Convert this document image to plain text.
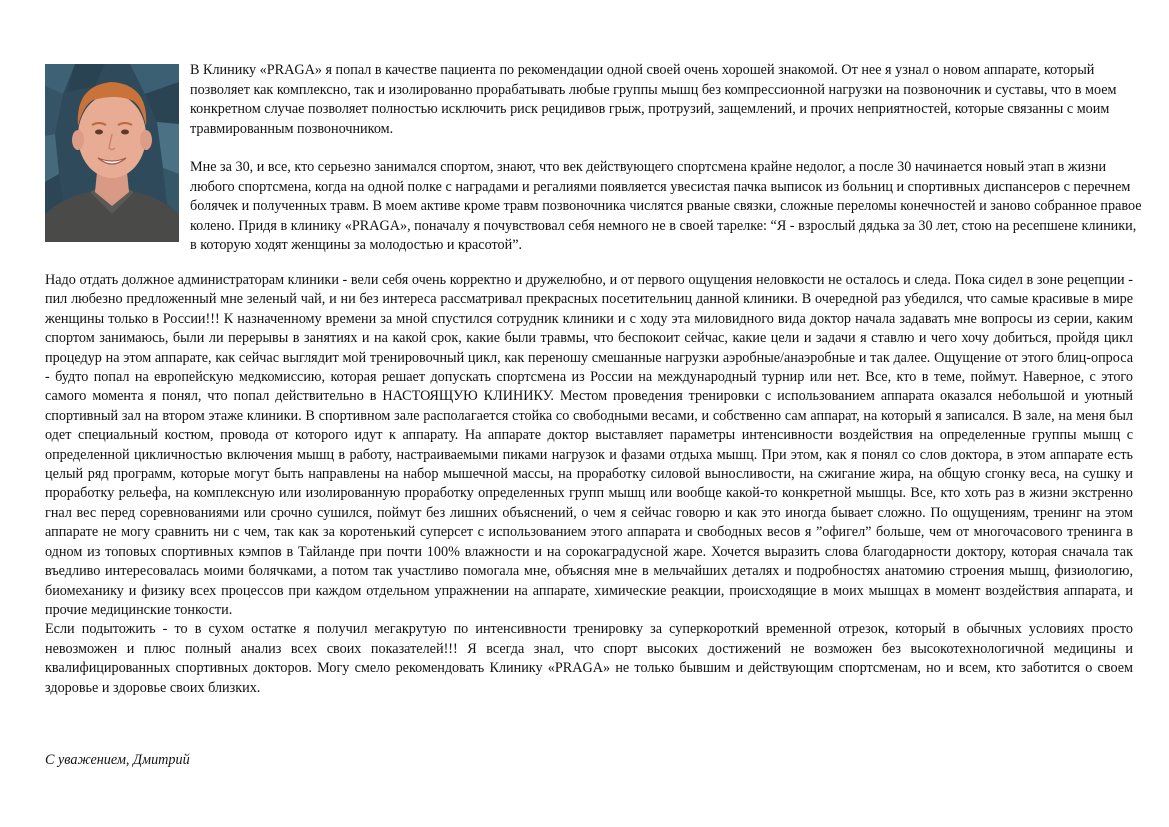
В Клинику «PRAGA» я попал в качестве пациента по рекомендации одной своей очень хорошей знакомой. От нее я узнал о новом аппарате, который позволяет как комплексно, так и изолированно прорабатывать любые группы мышц без компрессионной нагрузки на позвоночник и суставы, что в моем конкретном случае позволяет полностью исключить риск рецидивов грыж, протрузий, защемлений, и прочих неприятностей, которые связанны с моим травмированным позвоночником.

Мне за 30, и все, кто серьезно занимался спортом, знают, что век действующего спортсмена крайне недолог, а после 30 начинается новый этап в жизни любого спортсмена, когда на одной полке с наградами и регалиями появляется увесистая пачка выписок из больниц и спортивных диспансеров с перечнем болячек и полученных травм. В моем активе кроме травм позвоночника числятся рваные связки, сложные переломы конечностей и заново собранное правое колено. Придя в клинику «PRAGA», поначалу я почувствовал себя немного не в своей тарелке: “Я - взрослый дядька за 30 лет, стою на ресепшене клиники, в которую ходят женщины за молодостью и красотой”.

Надо отдать должное администраторам клиники - вели себя очень корректно и дружелюбно, и от первого ощущения неловкости не осталось и следа. Пока сидел в зоне рецепции - пил любезно предложенный мне зеленый чай, и ни без интереса рассматривал прекрасных посетительниц данной клиники. В очередной раз убедился, что самые красивые в мире женщины только в России!!! К назначенному времени за мной спустился сотрудник клиники и с ходу эта миловидного вида доктор начала задавать мне вопросы из серии, каким спортом занимаюсь, были ли перерывы в занятиях и на какой срок, какие были травмы, что беспокоит сейчас, какие цели и задачи я ставлю и чего хочу добиться, пройдя цикл процедур на этом аппарате, как сейчас выглядит мой тренировочный цикл, как переношу смешанные нагрузки аэробные/анаэробные и так далее. Ощущение от этого блиц-опроса - будто попал на европейскую медкомиссию, которая решает допускать спортсмена из России на международный турнир или нет. Все, кто в теме, поймут. Наверное, с этого самого момента я понял, что попал действительно в НАСТОЯЩУЮ КЛИНИКУ. Местом проведения тренировки с использованием аппарата оказался небольшой и уютный спортивный зал на втором этаже клиники. В спортивном зале располагается стойка со свободными весами, и собственно сам аппарат, на который я записался. В зале, на меня был одет специальный костюм, провода от которого идут к аппарату. На аппарате доктор выставляет параметры интенсивности воздействия на определенные группы мышц с определенной цикличностью включения мышц в работу, настраиваемыми пиками нагрузок и фазами отдыха мышц. При этом, как я понял со слов доктора, в этом аппарате есть целый ряд программ, которые могут быть направлены на набор мышечной массы, на проработку силовой выносливости, на сжигание жира, на общую сгонку веса, на сушку и проработку рельефа, на комплексную или изолированную проработку определенных групп мышц или вообще какой-то конкретной мышцы. Все, кто хоть раз в жизни экстренно гнал вес перед соревнованиями или срочно сушился, поймут без лишних объяснений, о чем я сейчас говорю и как это иногда бывает сложно. По ощущениям, тренинг на этом аппарате не могу сравнить ни с чем, так как за коротенький суперсет с использованием этого аппарата и свободных весов я ”офигел” больше, чем от многочасового тренинга в одном из топовых спортивных кэмпов в Тайланде при почти 100% влажности и на сорокаградусной жаре. Хочется выразить слова благодарности доктору, которая сначала так въедливо интересовалась моими болячками, а потом так участливо помогала мне, объясняя мне в мельчайших деталях и подробностях анатомию строения мышц, физиологию, биомеханику и физику всех процессов при каждом отдельном упражнении на аппарате, химические реакции, происходящие в моих мышцах в момент воздействия аппарата, и прочие медицинские тонкости.

Если подытожить - то в сухом остатке я получил мегакрутую по интенсивности тренировку за суперкороткий временной отрезок, который в обычных условиях просто невозможен и плюс полный анализ всех своих показателей!!! Я всегда знал, что спорт высоких достижений не возможен без высокотехнологичной медицины и квалифицированных спортивных докторов. Могу смело рекомендовать Клинику «PRAGA» не только бывшим и действующим спортсменам, но и всем, кто заботится о своем здоровье и здоровье своих близких.

С уважением, Дмитрий
